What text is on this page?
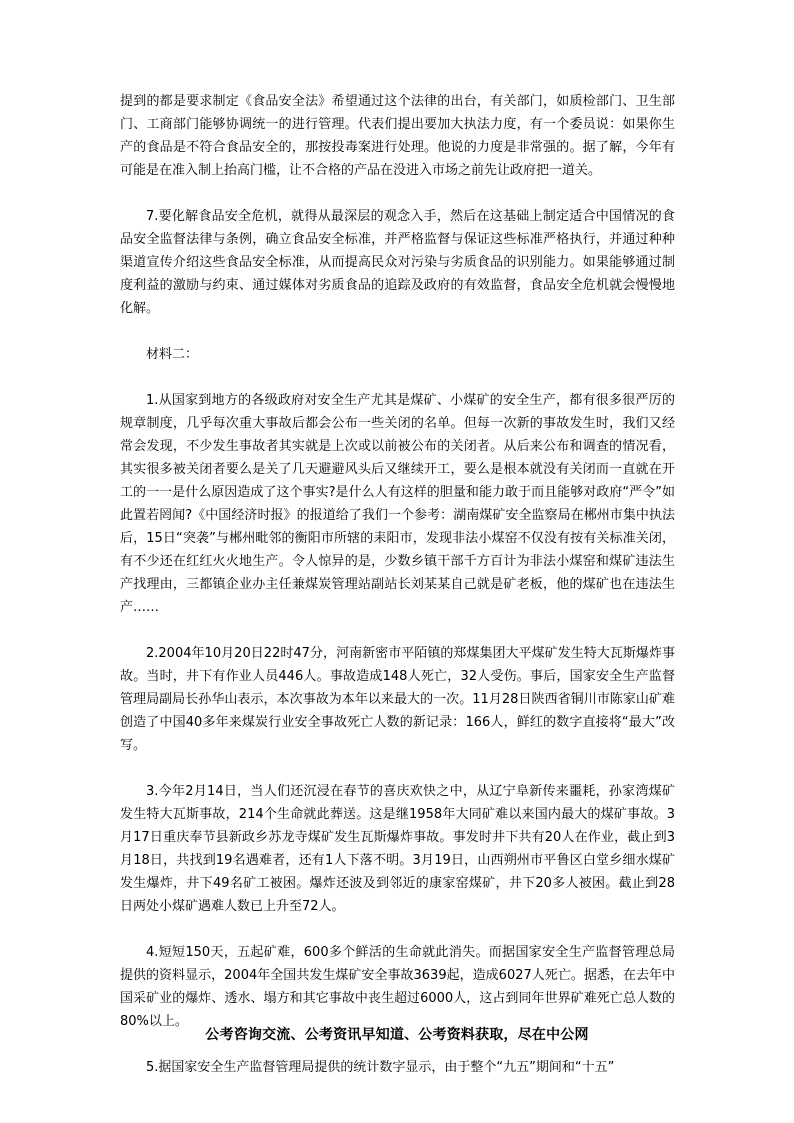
提到的都是要求制定《食品安全法》希望通过这个法律的出台，有关部门，如质检部门、卫生部门、工商部门能够协调统一的进行管理。代表们提出要加大执法力度，有一个委员说：如果你生产的食品是不符合食品安全的，那按投毒案进行处理。他说的力度是非常强的。据了解，今年有可能是在准入制上抬高门槛，让不合格的产品在没进入市场之前先让政府把一道关。

7.要化解食品安全危机，就得从最深层的观念入手，然后在这基础上制定适合中国情况的食品安全监督法律与条例，确立食品安全标准，并严格监督与保证这些标准严格执行，并通过种种渠道宣传介绍这些食品安全标准，从而提高民众对污染与劣质食品的识别能力。如果能够通过制度利益的激励与约束、通过媒体对劣质食品的追踪及政府的有效监督，食品安全危机就会慢慢地化解。

材料二：

1.从国家到地方的各级政府对安全生产尤其是煤矿、小煤矿的安全生产，都有很多很严厉的规章制度，几乎每次重大事故后都会公布一些关闭的名单。但每一次新的事故发生时，我们又经常会发现，不少发生事故者其实就是上次或以前被公布的关闭者。从后来公布和调查的情况看，其实很多被关闭者要么是关了几天避避风头后又继续开工，要么是根本就没有关闭而一直就在开工的一一是什么原因造成了这个事实?是什么人有这样的胆量和能力敢于而且能够对政府“严令”如此置若罔闻?《中国经济时报》的报道给了我们一个参考：湖南煤矿安全监察局在郴州市集中执法后，15日“突袭”与郴州毗邻的衡阳市所辖的耒阳市，发现非法小煤窑不仅没有按有关标准关闭，有不少还在红红火火地生产。令人惊异的是，少数乡镇干部千方百计为非法小煤窑和煤矿违法生产找理由，三都镇企业办主任兼煤炭管理站副站长刘某某自己就是矿老板，他的煤矿也在违法生产……

2.2004年10月20日22时47分，河南新密市平陌镇的郑煤集团大平煤矿发生特大瓦斯爆炸事故。当时，井下有作业人员446人。事故造成148人死亡，32人受伤。事后，国家安全生产监督管理局副局长孙华山表示，本次事故为本年以来最大的一次。11月28日陕西省铜川市陈家山矿难创造了中国40多年来煤炭行业安全事故死亡人数的新记录：166人，鲜红的数字直接将“最大”改写。

3.今年2月14日，当人们还沉浸在春节的喜庆欢快之中，从辽宁阜新传来噩耗，孙家湾煤矿发生特大瓦斯事故，214个生命就此葬送。这是继1958年大同矿难以来国内最大的煤矿事故。3月17日重庆奉节县新政乡苏龙寺煤矿发生瓦斯爆炸事故。事发时井下共有20人在作业，截止到3月18日，共找到19名遇难者，还有1人下落不明。3月19日，山西朔州市平鲁区白堂乡细水煤矿发生爆炸，井下49名矿工被困。爆炸还波及到邻近的康家窑煤矿，井下20多人被困。截止到28日两处小煤矿遇难人数已上升至72人。

4.短短150天，五起矿难，600多个鲜活的生命就此消失。而据国家安全生产监督管理总局提供的资料显示，2004年全国共发生煤矿安全事故3639起，造成6027人死亡。据悉，在去年中国采矿业的爆炸、透水、塌方和其它事故中丧生超过6000人，这占到同年世界矿难死亡总人数的80%以上。

5.据国家安全生产监督管理局提供的统计数字显示，由于整个“九五”期间和“十五”

公考咨询交流、公考资讯早知道、公考资料获取，尽在中公网
